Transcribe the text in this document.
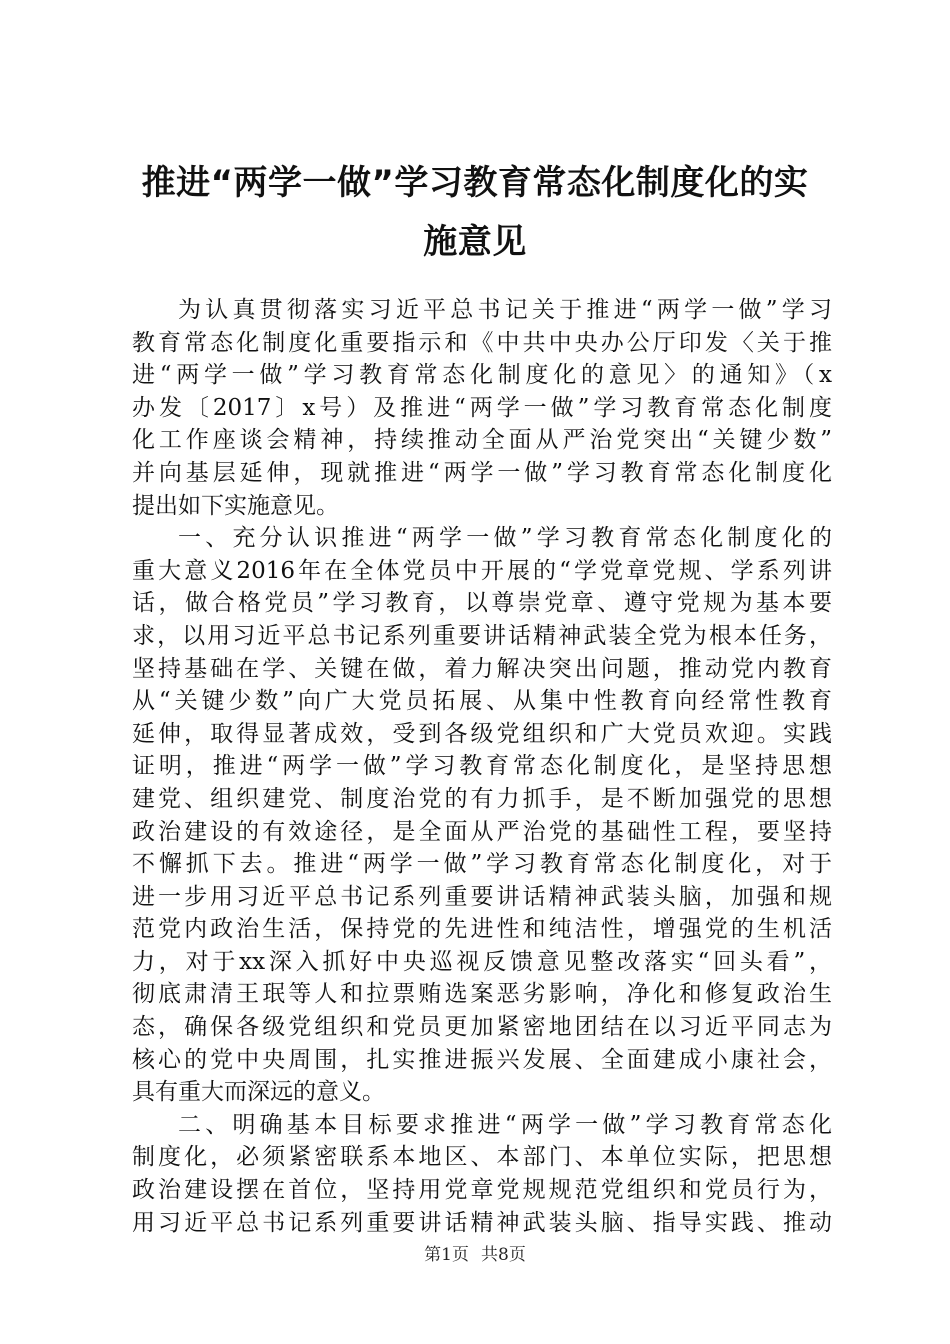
推进“两学一做”学习教育常态化制度化的实
施意见
为认真贯彻落实习近平总书记关于推进“两学一做”学习
教育常态化制度化重要指示和《中共中央办公厅印发〈关于推
进“两学一做”学习教育常态化制度化的意见〉的通知》（x
办发〔2017〕x号）及推进“两学一做”学习教育常态化制度
化工作座谈会精神，持续推动全面从严治党突出“关键少数”
并向基层延伸，现就推进“两学一做”学习教育常态化制度化
提出如下实施意见。
一、充分认识推进“两学一做”学习教育常态化制度化的
重大意义2016年在全体党员中开展的“学党章党规、学系列讲
话，做合格党员”学习教育，以尊崇党章、遵守党规为基本要
求，以用习近平总书记系列重要讲话精神武装全党为根本任务，
坚持基础在学、关键在做，着力解决突出问题，推动党内教育
从“关键少数”向广大党员拓展、从集中性教育向经常性教育
延伸，取得显著成效，受到各级党组织和广大党员欢迎。实践
证明，推进“两学一做”学习教育常态化制度化，是坚持思想
建党、组织建党、制度治党的有力抓手，是不断加强党的思想
政治建设的有效途径，是全面从严治党的基础性工程，要坚持
不懈抓下去。推进“两学一做”学习教育常态化制度化，对于
进一步用习近平总书记系列重要讲话精神武装头脑，加强和规
范党内政治生活，保持党的先进性和纯洁性，增强党的生机活
力，对于xx深入抓好中央巡视反馈意见整改落实“回头看”，
彻底肃清王珉等人和拉票贿选案恶劣影响，净化和修复政治生
态，确保各级党组织和党员更加紧密地团结在以习近平同志为
核心的党中央周围，扎实推进振兴发展、全面建成小康社会，
具有重大而深远的意义。
二、明确基本目标要求推进“两学一做”学习教育常态化
制度化，必须紧密联系本地区、本部门、本单位实际，把思想
政治建设摆在首位，坚持用党章党规规范党组织和党员行为，
用习近平总书记系列重要讲话精神武装头脑、指导实践、推动
第1页 共8页
